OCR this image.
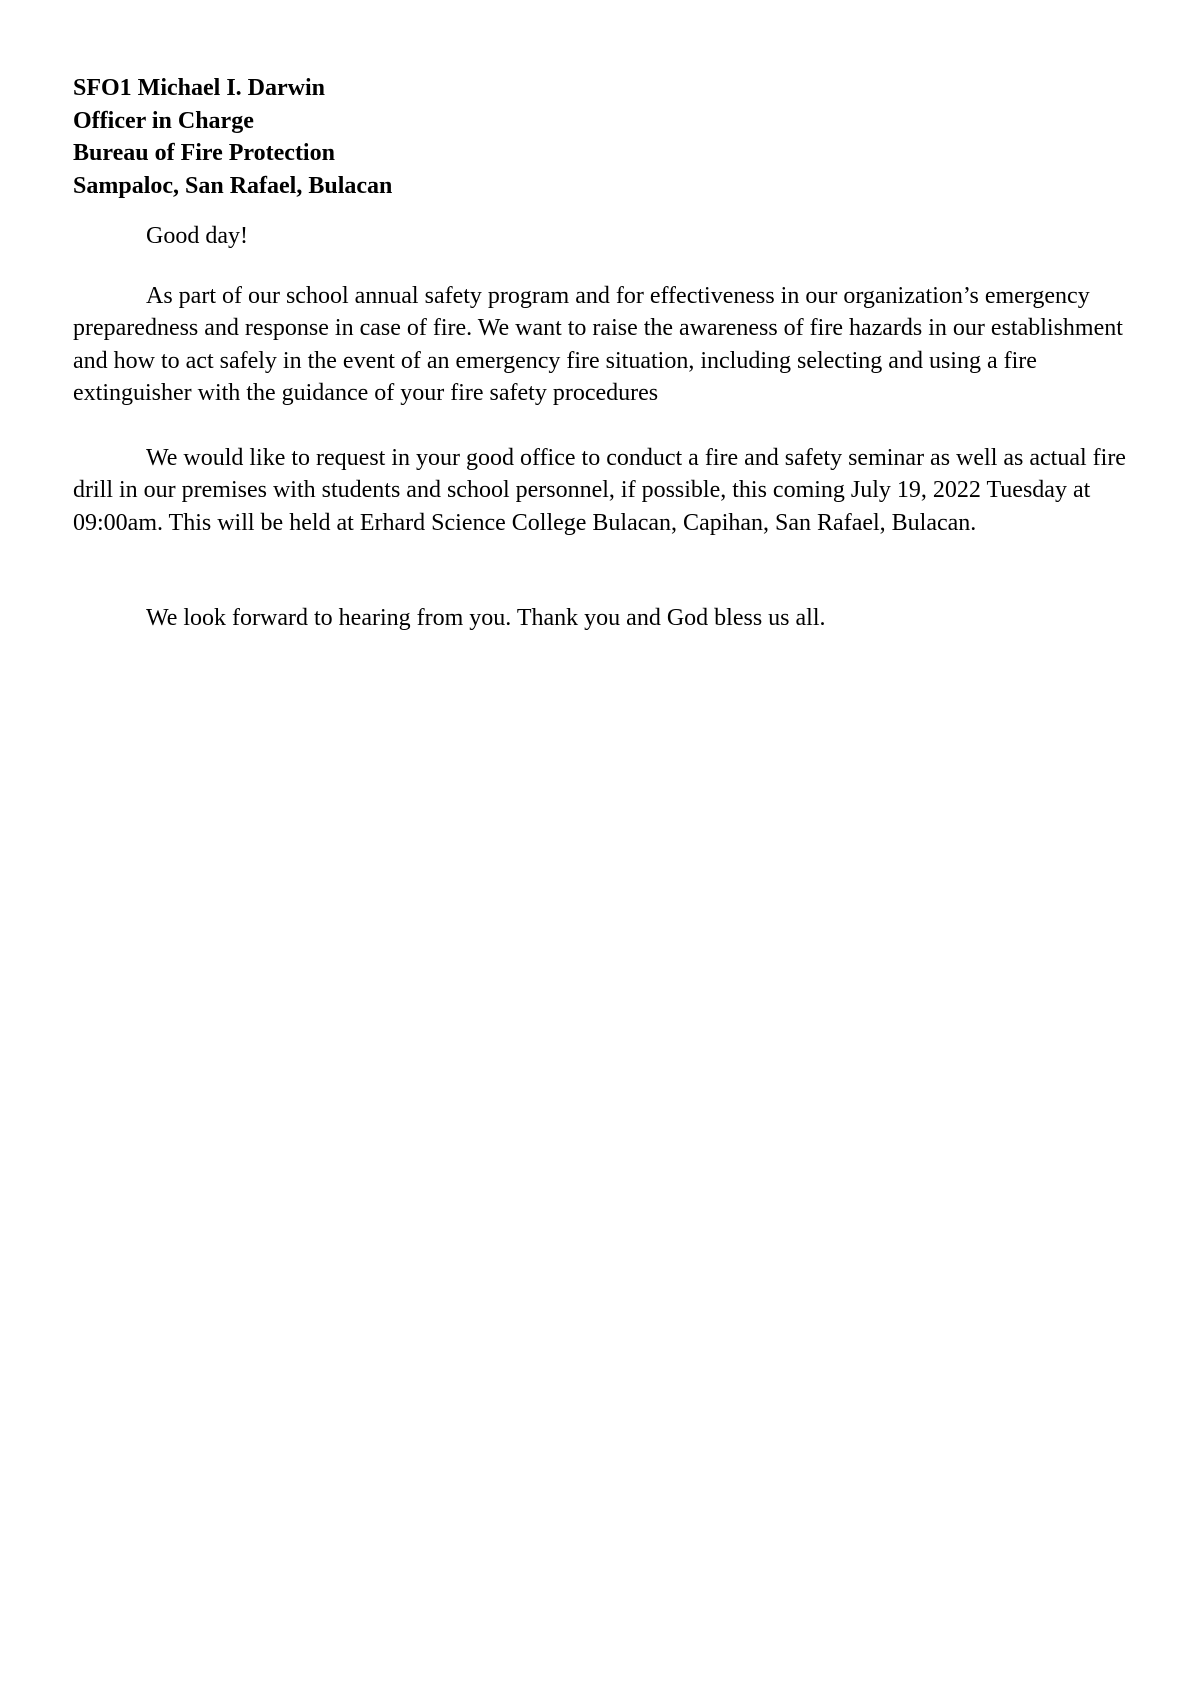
SFO1 Michael I. Darwin
Officer in Charge
Bureau of Fire Protection
Sampaloc, San Rafael, Bulacan

Good day!

As part of our school annual safety program and for effectiveness in our organization’s emergency preparedness and response in case of fire. We want to raise the awareness of fire hazards in our establishment and how to act safely in the event of an emergency fire situation, including selecting and using a fire extinguisher with the guidance of your fire safety procedures

We would like to request in your good office to conduct a fire and safety seminar as well as actual fire drill in our premises with students and school personnel, if possible, this coming July 19, 2022 Tuesday at 09:00am. This will be held at Erhard Science College Bulacan, Capihan, San Rafael, Bulacan.

We look forward to hearing from you. Thank you and God bless us all.
